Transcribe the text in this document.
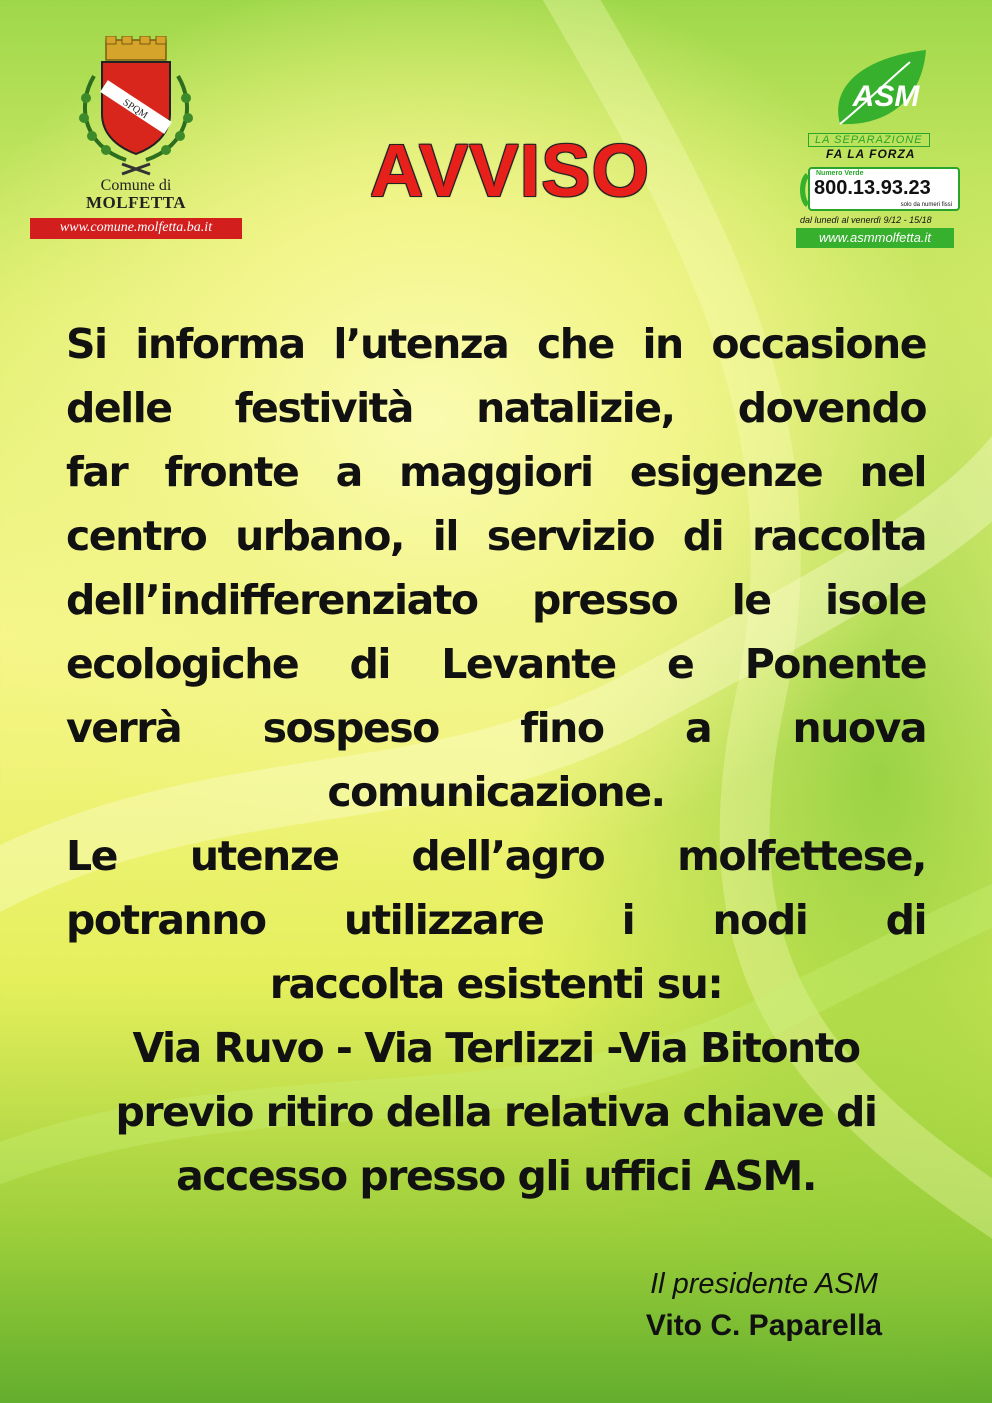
SPQM
Comune di
MOLFETTA
www.comune.molfetta.ba.it
AVVISO
ASM
LA SEPARAZIONE
FA LA FORZA
Numero Verde
800.13.93.23
solo da numeri fissi
dal lunedì al venerdì 9/12 - 15/18
www.asmmolfetta.it

Si informa l’utenza che in occasione

delle festività natalizie, dovendo

far fronte a maggiori esigenze nel

centro urbano, il servizio di raccolta

dell’indifferenziato presso le isole

ecologiche di Levante e Ponente

verrà sospeso fino a nuova

comunicazione.

Le utenze dell’agro molfettese,

potranno utilizzare i nodi di

raccolta esistenti su:

Via Ruvo - Via Terlizzi -Via Bitonto

previo ritiro della relativa chiave di

accesso presso gli uffici ASM.

Il presidente ASM
Vito C. Paparella
